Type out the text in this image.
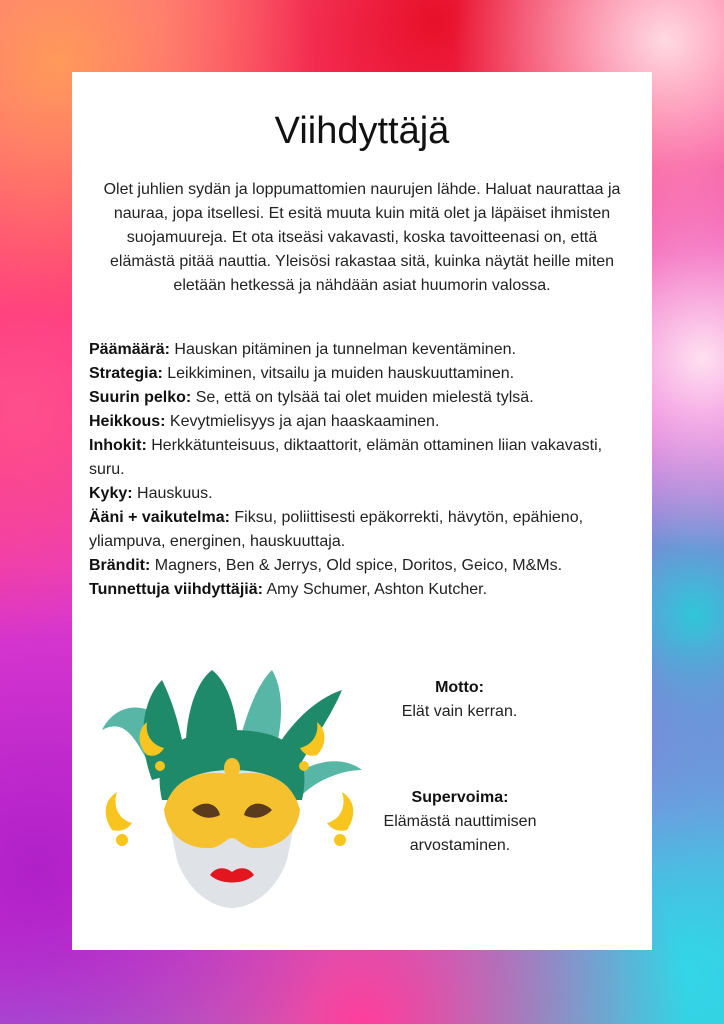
Viihdyttäjä

Olet juhlien sydän ja loppumattomien naurujen lähde. Haluat naurattaa ja nauraa, jopa itsellesi. Et esitä muuta kuin mitä olet ja läpäiset ihmisten suojamuureja. Et ota itseäsi vakavasti, koska tavoitteenasi on, että elämästä pitää nauttia. Yleisösi rakastaa sitä, kuinka näytät heille miten eletään hetkessä ja nähdään asiat huumorin valossa.

Päämäärä: Hauskan pitäminen ja tunnelman keventäminen.

Strategia: Leikkiminen, vitsailu ja muiden hauskuuttaminen.

Suurin pelko: Se, että on tylsää tai olet muiden mielestä tylsä.

Heikkous: Kevytmielisyys ja ajan haaskaaminen.

Inhokit: Herkkätunteisuus, diktaattorit, elämän ottaminen liian vakavasti, suru.

Kyky: Hauskuus.

Ääni + vaikutelma: Fiksu, poliittisesti epäkorrekti, hävytön, epähieno, yliampuva, energinen, hauskuuttaja.

Brändit: Magners, Ben & Jerrys, Old spice, Doritos, Geico, M&Ms.

Tunnettuja viihdyttäjiä: Amy Schumer, Ashton Kutcher.

Motto:
Elät vain kerran.
Supervoima:
Elämästä nauttimisen arvostaminen.
